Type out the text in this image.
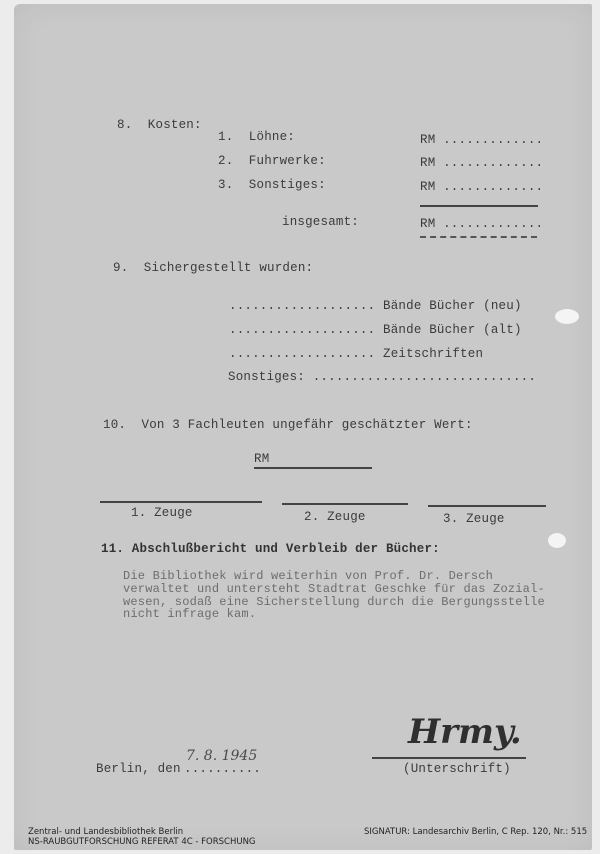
8.  Kosten:
1.  Löhne:	RM .............
2.  Fuhrwerke:	RM .............
3.  Sonstiges:	RM .............
insgesamt:	RM .............
9.  Sichergestellt wurden:
................... Bände Bücher (neu)
................... Bände Bücher (alt)
................... Zeitschriften
Sonstiges: .............................
10.  Von 3 Fachleuten ungefähr geschätzter Wert:
RM
1. Zeuge	2. Zeuge	3. Zeuge
11. Abschlußbericht und Verbleib der Bücher:
Die Bibliothek wird weiterhin von Prof. Dr. Dersch
verwaltet und untersteht Stadtrat Geschke für das Zozial-
wesen, sodaß eine Sicherstellung durch die Bergungsstelle
nicht infrage kam.
7. 8. 1945
Berlin, den ..........
Hrmy.
(Unterschrift)
Zentral- und Landesbibliothek Berlin
NS-RAUBGUTFORSCHUNG REFERAT 4C - FORSCHUNG
SIGNATUR: Landesarchiv Berlin, C Rep. 120, Nr.: 515
